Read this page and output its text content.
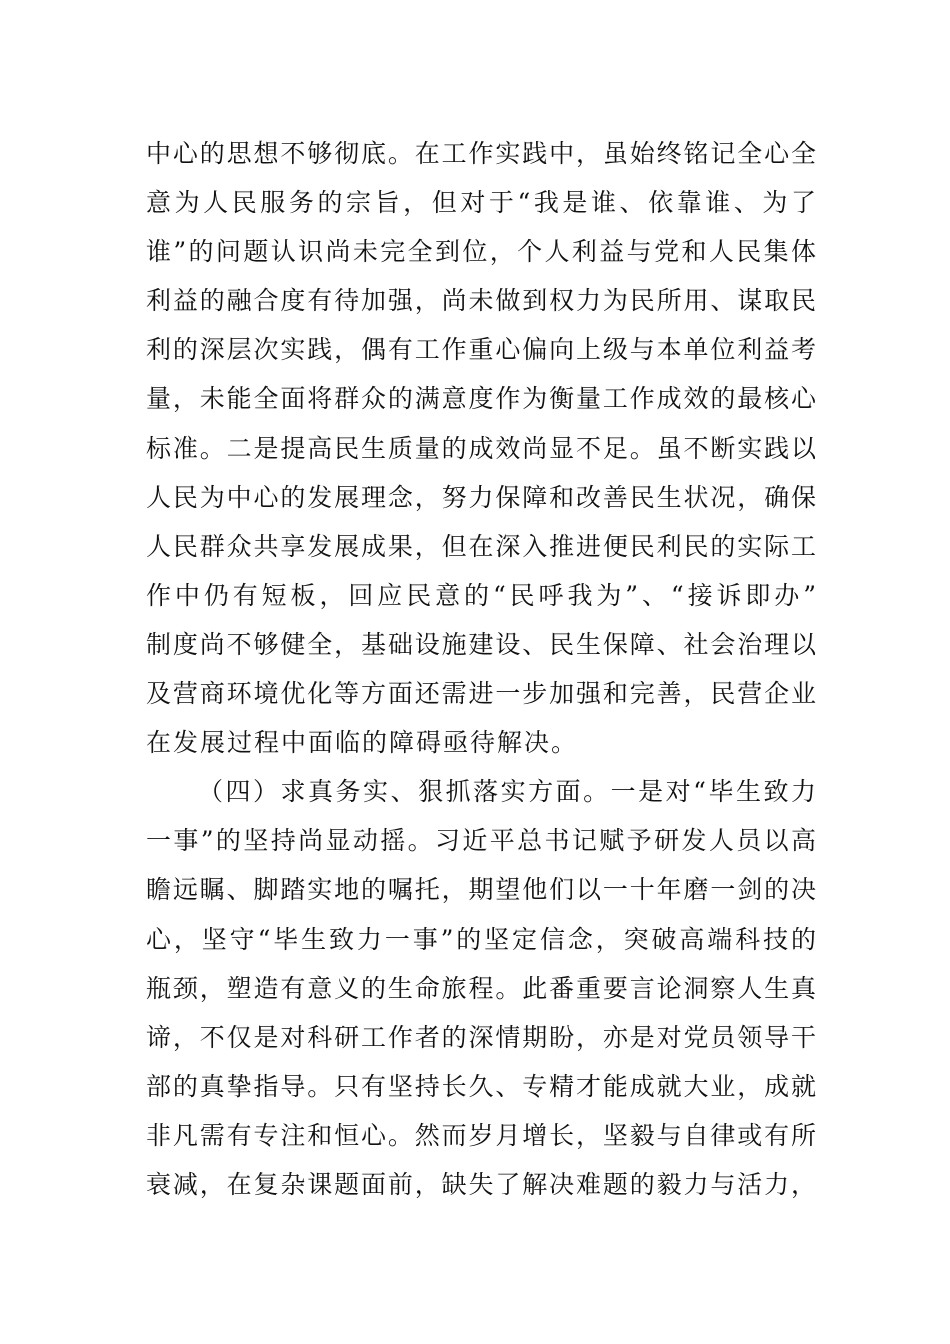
中心的思想不够彻底。在工作实践中，虽始终铭记全心全
意为人民服务的宗旨，但对于“我是谁、依靠谁、为了
谁”的问题认识尚未完全到位，个人利益与党和人民集体
利益的融合度有待加强，尚未做到权力为民所用、谋取民
利的深层次实践，偶有工作重心偏向上级与本单位利益考
量，未能全面将群众的满意度作为衡量工作成效的最核心
标准。二是提高民生质量的成效尚显不足。虽不断实践以
人民为中心的发展理念，努力保障和改善民生状况，确保
人民群众共享发展成果，但在深入推进便民利民的实际工
作中仍有短板，回应民意的“民呼我为”、“接诉即办”
制度尚不够健全，基础设施建设、民生保障、社会治理以
及营商环境优化等方面还需进一步加强和完善，民营企业
在发展过程中面临的障碍亟待解决。
（四）求真务实、狠抓落实方面。一是对“毕生致力
一事”的坚持尚显动摇。习近平总书记赋予研发人员以高
瞻远瞩、脚踏实地的嘱托，期望他们以一十年磨一剑的决
心，坚守“毕生致力一事”的坚定信念，突破高端科技的
瓶颈，塑造有意义的生命旅程。此番重要言论洞察人生真
谛，不仅是对科研工作者的深情期盼，亦是对党员领导干
部的真挚指导。只有坚持长久、专精才能成就大业，成就
非凡需有专注和恒心。然而岁月增长，坚毅与自律或有所
衰减，在复杂课题面前，缺失了解决难题的毅力与活力，
